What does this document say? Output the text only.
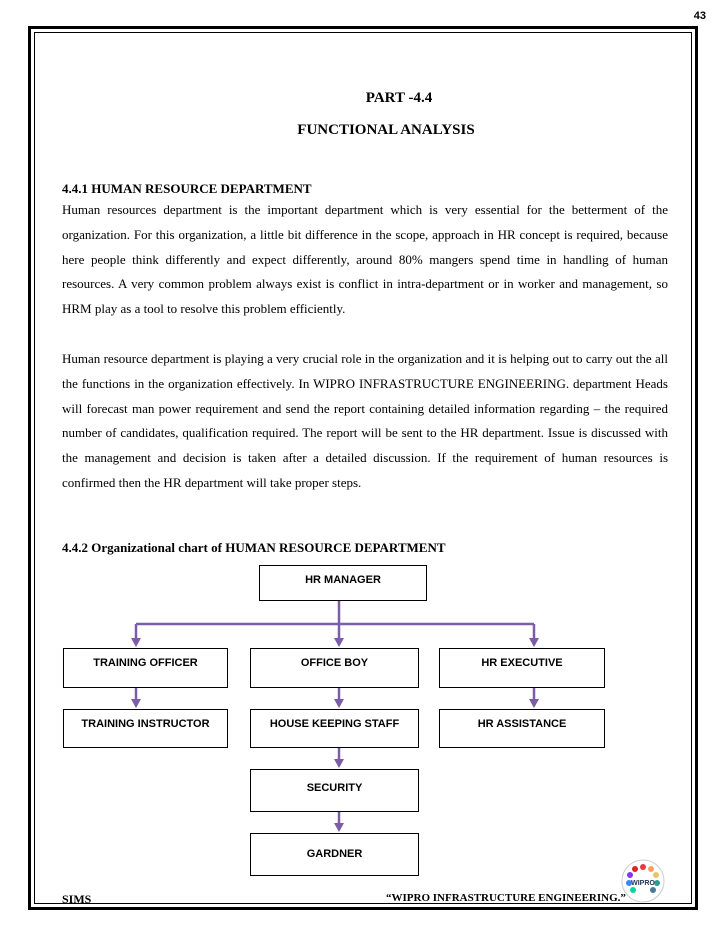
43
PART -4.4
FUNCTIONAL ANALYSIS
4.4.1 HUMAN RESOURCE DEPARTMENT

Human resources department is the important department which is very essential for the betterment of the organization. For this organization, a little bit difference in the scope, approach in HR concept is required, because here people think differently and expect differently, around 80% mangers spend time in handling of human resources. A very common problem always exist is conflict in intra-department or in worker and management, so HRM play as a tool to resolve this problem efficiently.

Human resource department is playing a very crucial role in the organization and it is helping out to carry out the all the functions in the organization effectively. In WIPRO INFRASTRUCTURE ENGINEERING. department Heads will forecast man power requirement and send the report containing detailed information regarding – the required number of candidates, qualification required. The report will be sent to the HR department. Issue is discussed with the management and decision is taken after a detailed discussion. If the requirement of human resources is confirmed then the HR department will take proper steps.

4.4.2 Organizational chart of HUMAN RESOURCE DEPARTMENT
HR MANAGER
TRAINING OFFICER	OFFICE BOY	HR EXECUTIVE
TRAINING INSTRUCTOR	HOUSE KEEPING STAFF	HR ASSISTANCE
SECURITY
GARDNER
SIMS	“WIPRO INFRASTRUCTURE ENGINEERING.”
WIPRO
